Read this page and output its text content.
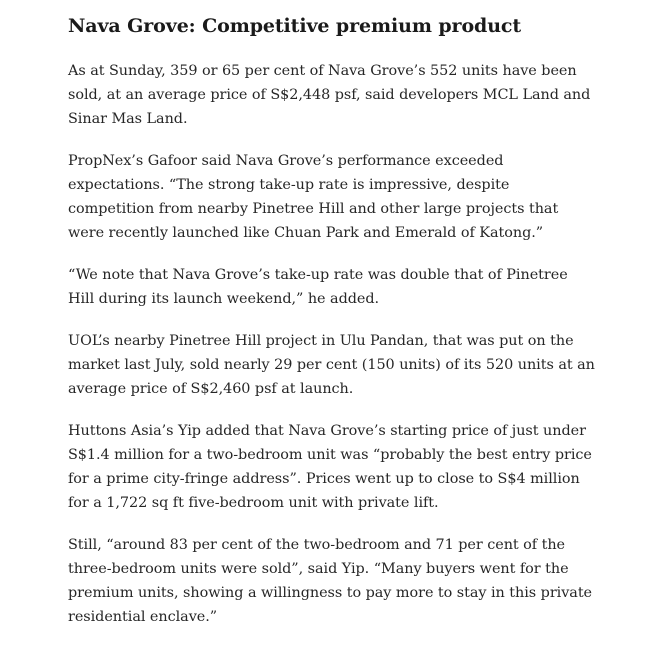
Nava Grove: Competitive premium product

As at Sunday, 359 or 65 per cent of Nava Grove’s 552 units have been sold, at an average price of S$2,448 psf, said developers MCL Land and Sinar Mas Land.

PropNex’s Gafoor said Nava Grove’s performance exceeded expectations. “The strong take-up rate is impressive, despite competition from nearby Pinetree Hill and other large projects that were recently launched like Chuan Park and Emerald of Katong.”

“We note that Nava Grove’s take-up rate was double that of Pinetree Hill during its launch weekend,” he added.

UOL’s nearby Pinetree Hill project in Ulu Pandan, that was put on the market last July, sold nearly 29 per cent (150 units) of its 520 units at an average price of S$2,460 psf at launch.

Huttons Asia’s Yip added that Nava Grove’s starting price of just under S$1.4 million for a two-bedroom unit was “probably the best entry price for a prime city-fringe address”. Prices went up to close to S$4 million for a 1,722 sq ft five-bedroom unit with private lift.

Still, “around 83 per cent of the two-bedroom and 71 per cent of the three-bedroom units were sold”, said Yip. “Many buyers went for the premium units, showing a willingness to pay more to stay in this private residential enclave.”
